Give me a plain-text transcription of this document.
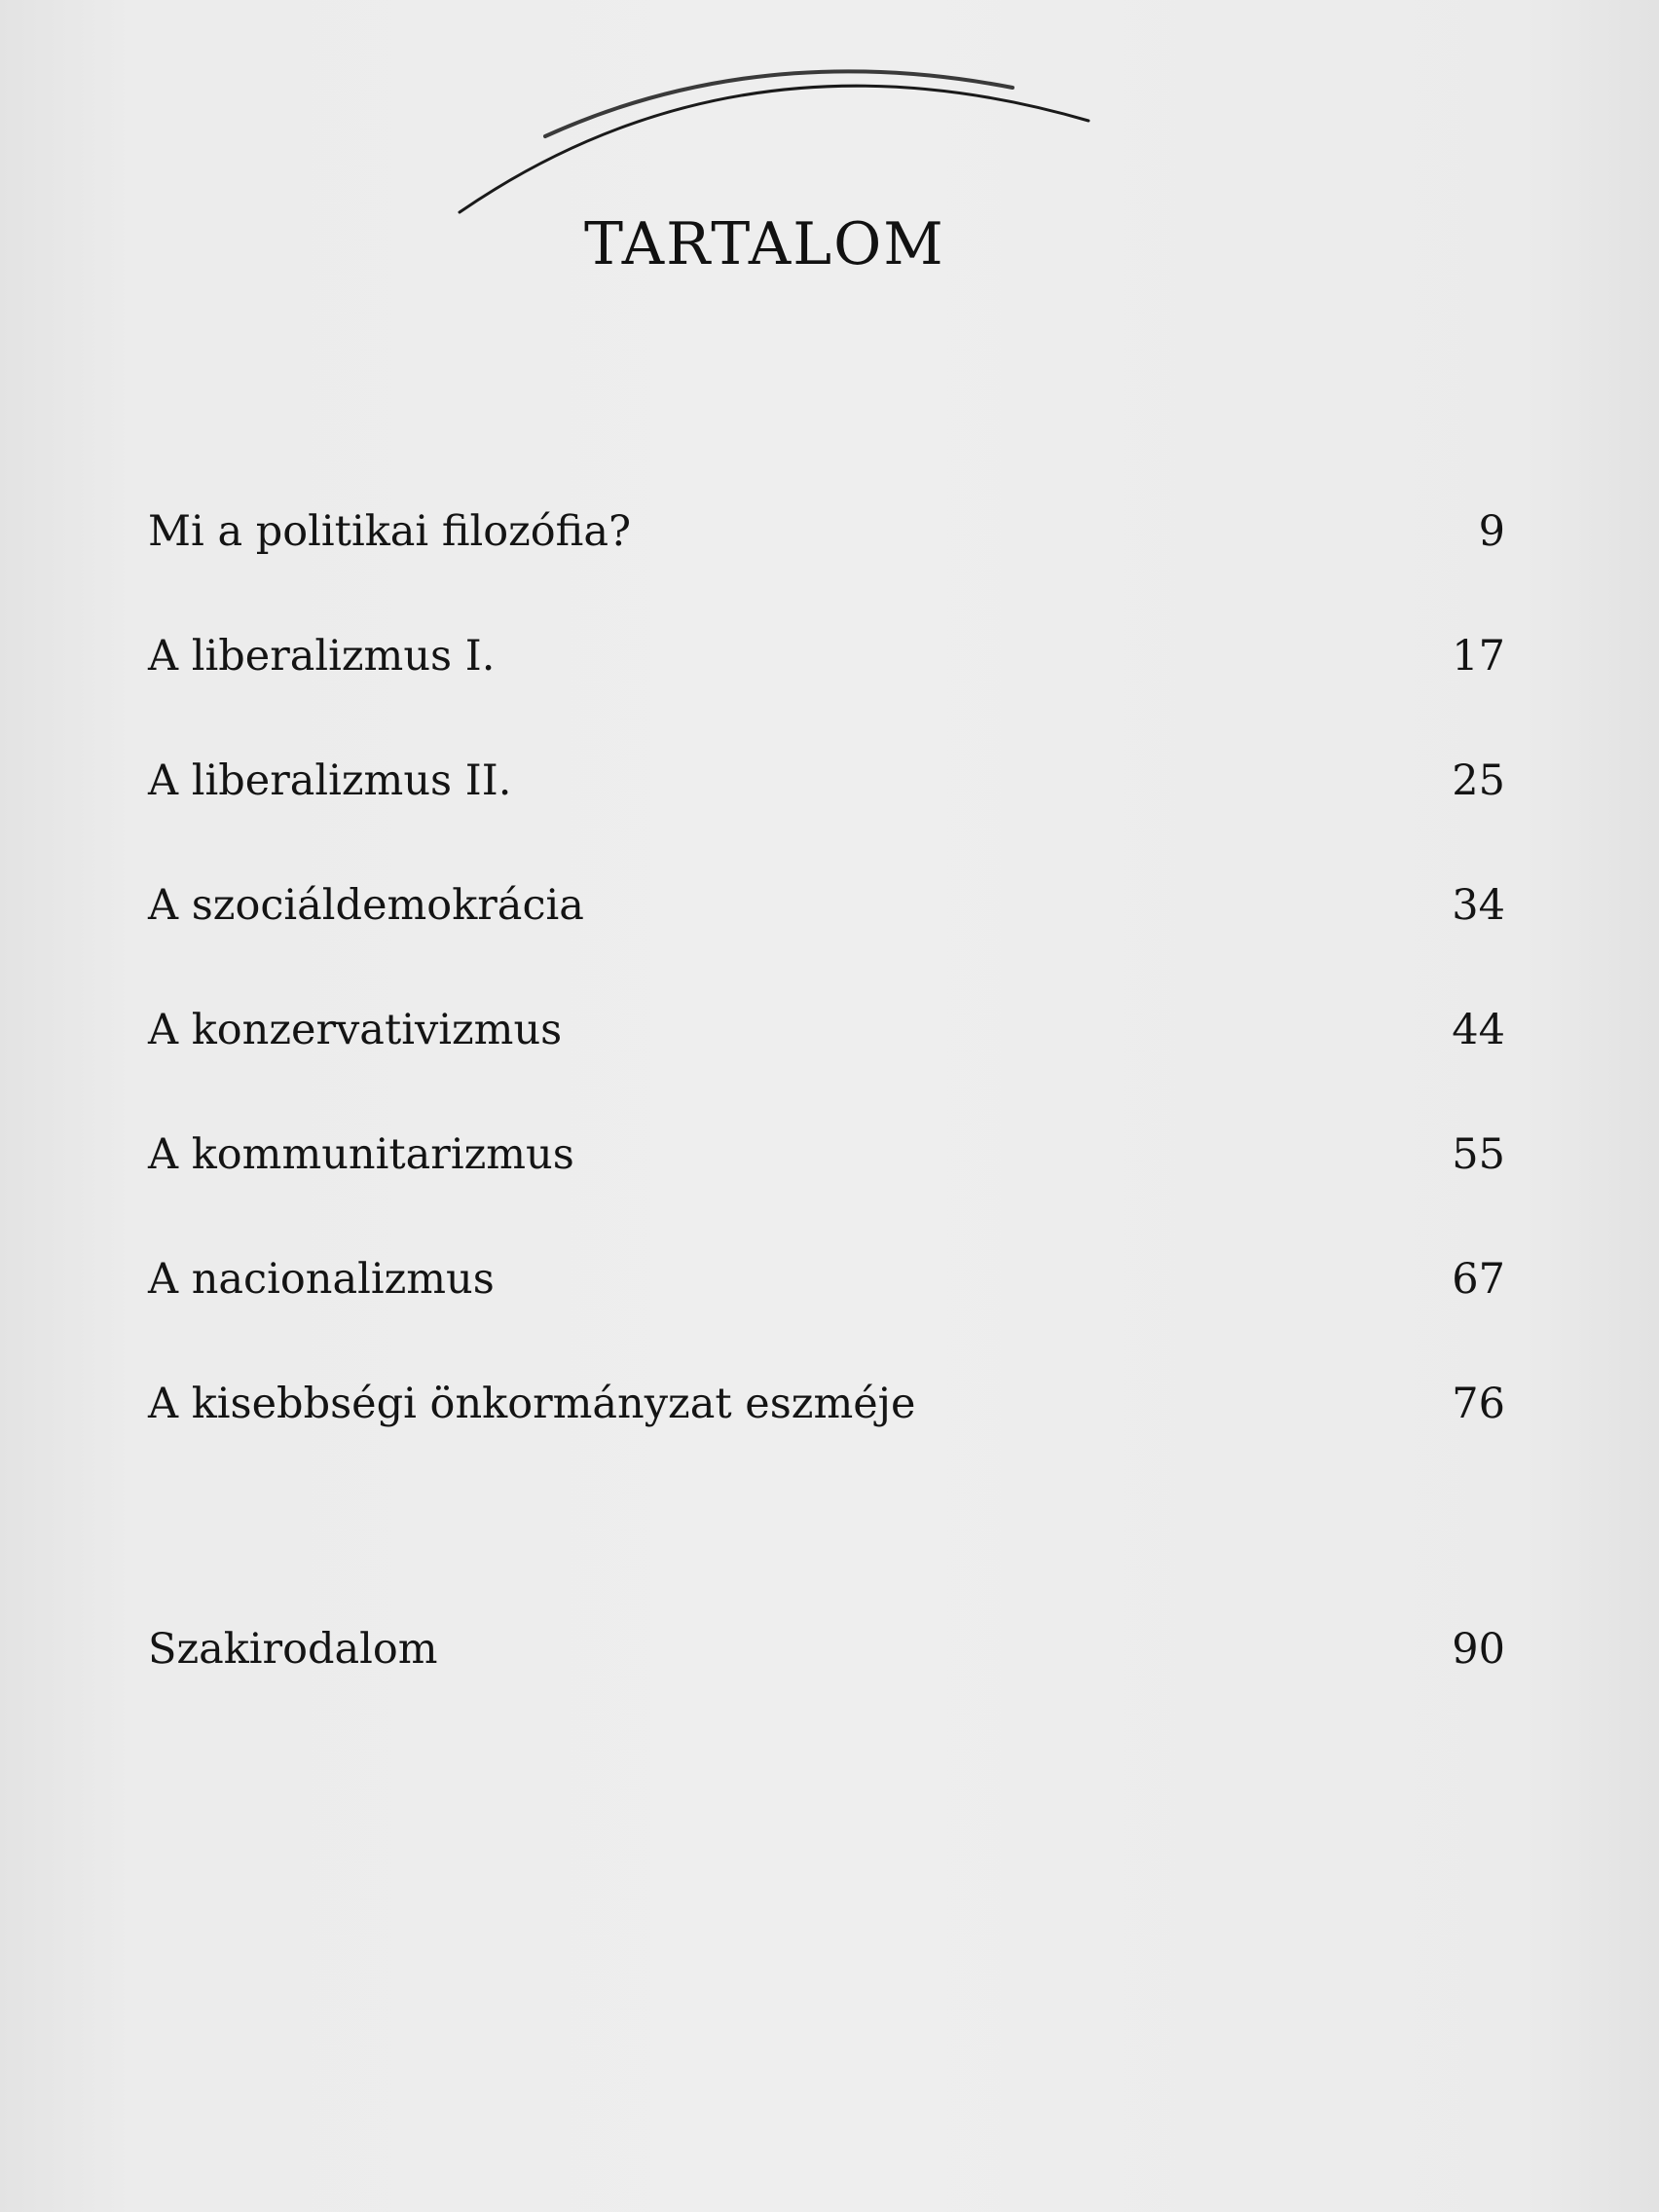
TARTALOM
Mi a politikai filozófia?	9
A liberalizmus I.	17
A liberalizmus II.	25
A szociáldemokrácia	34
A konzervativizmus	44
A kommunitarizmus	55
A nacionalizmus	67
A kisebbségi önkormányzat eszméje	76
Szakirodalom	90
